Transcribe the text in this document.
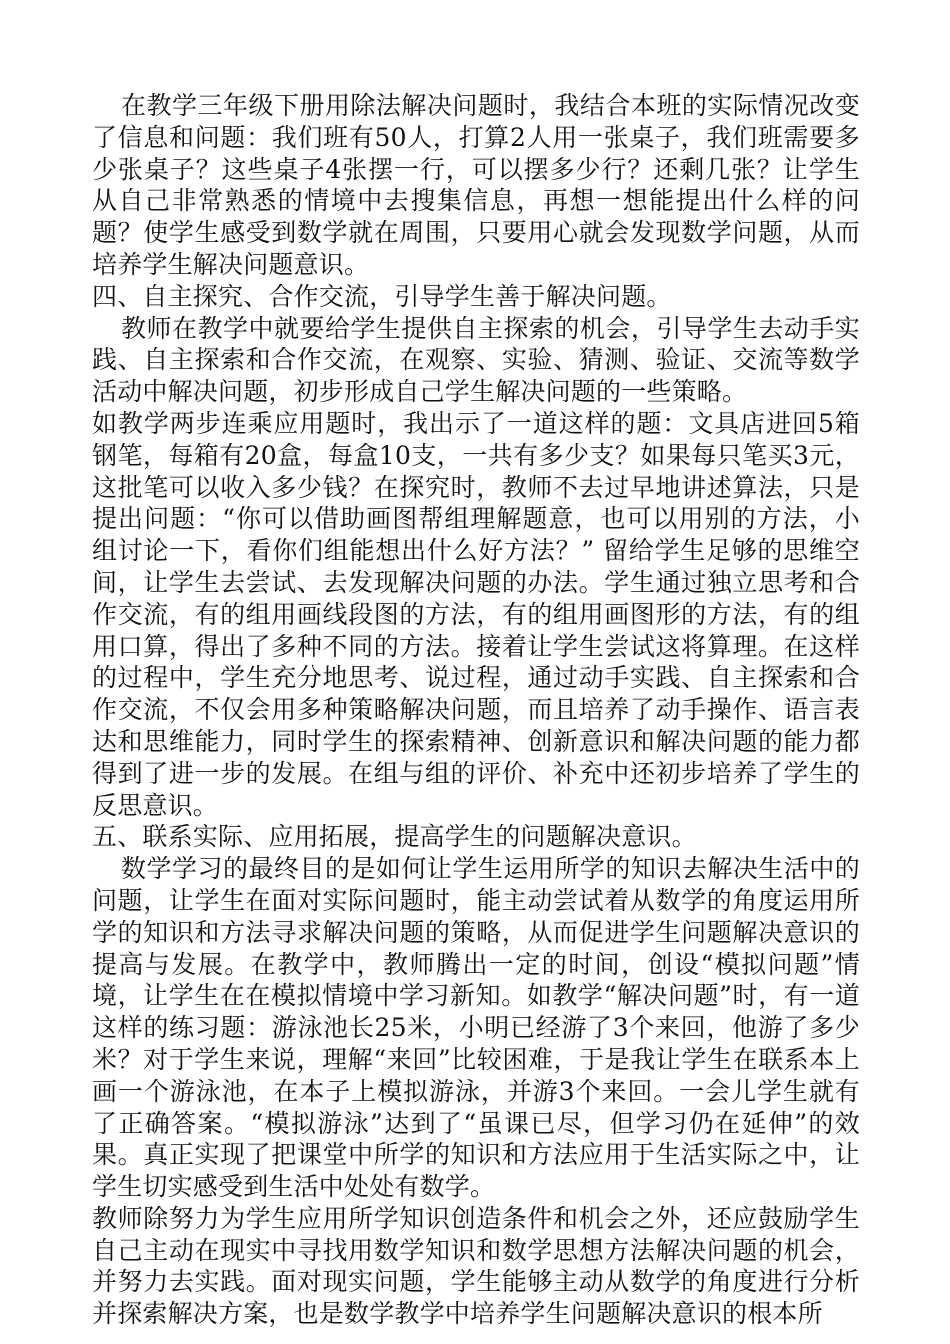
在教学三年级下册用除法解决问题时，我结合本班的实际情况改变了信息和问题：我们班有50人，打算2人用一张桌子，我们班需要多少张桌子？这些桌子4张摆一行，可以摆多少行？还剩几张？让学生从自己非常熟悉的情境中去搜集信息，再想一想能提出什么样的问题？使学生感受到数学就在周围，只要用心就会发现数学问题，从而培养学生解决问题意识。

四、自主探究、合作交流，引导学生善于解决问题。

教师在教学中就要给学生提供自主探索的机会，引导学生去动手实践、自主探索和合作交流，在观察、实验、猜测、验证、交流等数学活动中解决问题，初步形成自己学生解决问题的一些策略。

如教学两步连乘应用题时，我出示了一道这样的题：文具店进回5箱钢笔，每箱有20盒，每盒10支，一共有多少支？如果每只笔买3元，这批笔可以收入多少钱？在探究时，教师不去过早地讲述算法，只是提出问题：“你可以借助画图帮组理解题意，也可以用别的方法，小组讨论一下，看你们组能想出什么好方法？” 留给学生足够的思维空间，让学生去尝试、去发现解决问题的办法。学生通过独立思考和合作交流，有的组用画线段图的方法，有的组用画图形的方法，有的组用口算，得出了多种不同的方法。接着让学生尝试这将算理。在这样的过程中，学生充分地思考、说过程，通过动手实践、自主探索和合作交流，不仅会用多种策略解决问题，而且培养了动手操作、语言表达和思维能力，同时学生的探索精神、创新意识和解决问题的能力都得到了进一步的发展。在组与组的评价、补充中还初步培养了学生的反思意识。

五、联系实际、应用拓展，提高学生的问题解决意识。

数学学习的最终目的是如何让学生运用所学的知识去解决生活中的问题，让学生在面对实际问题时，能主动尝试着从数学的角度运用所学的知识和方法寻求解决问题的策略，从而促进学生问题解决意识的提高与发展。在教学中，教师腾出一定的时间，创设“模拟问题”情境，让学生在在模拟情境中学习新知。如教学“解决问题”时，有一道这样的练习题：游泳池长25米，小明已经游了3个来回，他游了多少米？对于学生来说，理解“来回”比较困难，于是我让学生在联系本上画一个游泳池，在本子上模拟游泳，并游3个来回。一会儿学生就有了正确答案。“模拟游泳”达到了“虽课已尽，但学习仍在延伸”的效果。真正实现了把课堂中所学的知识和方法应用于生活实际之中，让学生切实感受到生活中处处有数学。

教师除努力为学生应用所学知识创造条件和机会之外，还应鼓励学生自己主动在现实中寻找用数学知识和数学思想方法解决问题的机会，并努力去实践。面对现实问题，学生能够主动从数学的角度进行分析并探索解决方案，也是数学教学中培养学生问题解决意识的根本所
